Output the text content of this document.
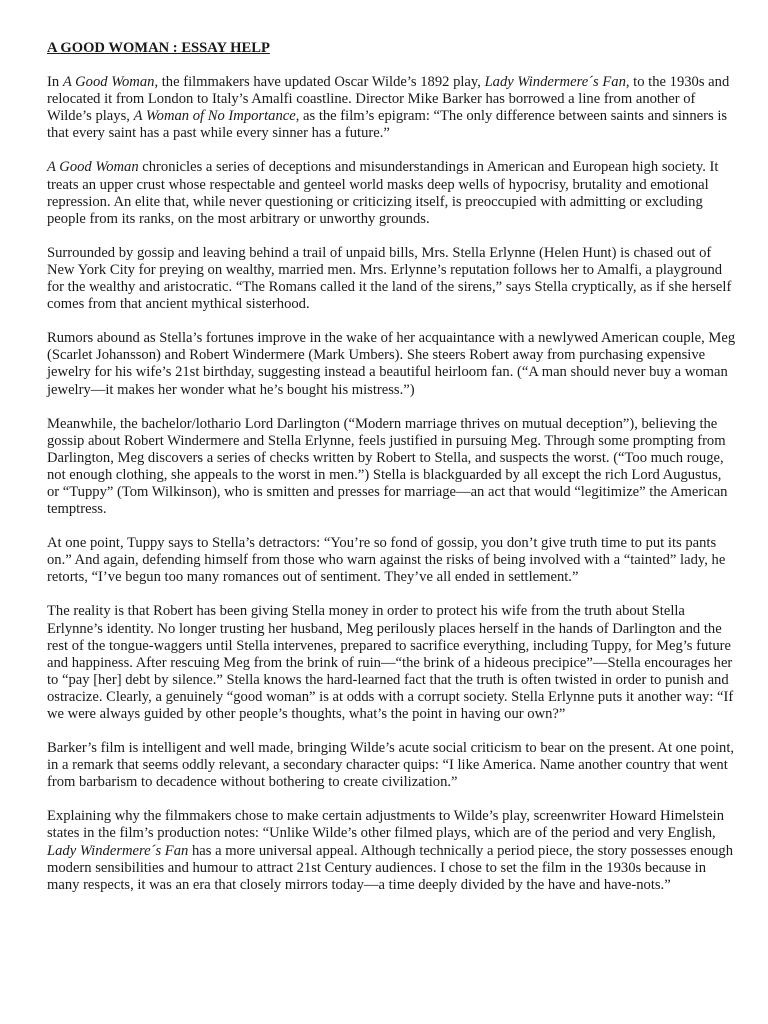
A GOOD WOMAN : ESSAY HELP

In A Good Woman, the filmmakers have updated Oscar Wilde’s 1892 play, Lady Windermere´s Fan, to the 1930s and relocated it from London to Italy’s Amalfi coastline. Director Mike Barker has borrowed a line from another of Wilde’s plays, A Woman of No Importance, as the film’s epigram: “The only difference between saints and sinners is that every saint has a past while every sinner has a future.”

A Good Woman chronicles a series of deceptions and misunderstandings in American and European high society. It treats an upper crust whose respectable and genteel world masks deep wells of hypocrisy, brutality and emotional repression. An elite that, while never questioning or criticizing itself, is preoccupied with admitting or excluding people from its ranks, on the most arbitrary or unworthy grounds.

Surrounded by gossip and leaving behind a trail of unpaid bills, Mrs. Stella Erlynne (Helen Hunt) is chased out of New York City for preying on wealthy, married men. Mrs. Erlynne’s reputation follows her to Amalfi, a playground for the wealthy and aristocratic. “The Romans called it the land of the sirens,” says Stella cryptically, as if she herself comes from that ancient mythical sisterhood.

Rumors abound as Stella’s fortunes improve in the wake of her acquaintance with a newlywed American couple, Meg (Scarlet Johansson) and Robert Windermere (Mark Umbers). She steers Robert away from purchasing expensive jewelry for his wife’s 21st birthday, suggesting instead a beautiful heirloom fan. (“A man should never buy a woman jewelry—it makes her wonder what he’s bought his mistress.”)

Meanwhile, the bachelor/lothario Lord Darlington (“Modern marriage thrives on mutual deception”), believing the gossip about Robert Windermere and Stella Erlynne, feels justified in pursuing Meg. Through some prompting from Darlington, Meg discovers a series of checks written by Robert to Stella, and suspects the worst. (“Too much rouge, not enough clothing, she appeals to the worst in men.”) Stella is blackguarded by all except the rich Lord Augustus, or “Tuppy” (Tom Wilkinson), who is smitten and presses for marriage—an act that would “legitimize” the American temptress.

At one point, Tuppy says to Stella’s detractors: “You’re so fond of gossip, you don’t give truth time to put its pants on.” And again, defending himself from those who warn against the risks of being involved with a “tainted” lady, he retorts, “I’ve begun too many romances out of sentiment. They’ve all ended in settlement.”

The reality is that Robert has been giving Stella money in order to protect his wife from the truth about Stella Erlynne’s identity. No longer trusting her husband, Meg perilously places herself in the hands of Darlington and the rest of the tongue-waggers until Stella intervenes, prepared to sacrifice everything, including Tuppy, for Meg’s future and happiness. After rescuing Meg from the brink of ruin—“the brink of a hideous precipice”—Stella encourages her to “pay [her] debt by silence.” Stella knows the hard-learned fact that the truth is often twisted in order to punish and ostracize. Clearly, a genuinely “good woman” is at odds with a corrupt society. Stella Erlynne puts it another way: “If we were always guided by other people’s thoughts, what’s the point in having our own?”

Barker’s film is intelligent and well made, bringing Wilde’s acute social criticism to bear on the present. At one point, in a remark that seems oddly relevant, a secondary character quips: “I like America. Name another country that went from barbarism to decadence without bothering to create civilization.”

Explaining why the filmmakers chose to make certain adjustments to Wilde’s play, screenwriter Howard Himelstein states in the film’s production notes: “Unlike Wilde’s other filmed plays, which are of the period and very English, Lady Windermere´s Fan has a more universal appeal. Although technically a period piece, the story possesses enough modern sensibilities and humour to attract 21st Century audiences. I chose to set the film in the 1930s because in many respects, it was an era that closely mirrors today—a time deeply divided by the have and have-nots.”
